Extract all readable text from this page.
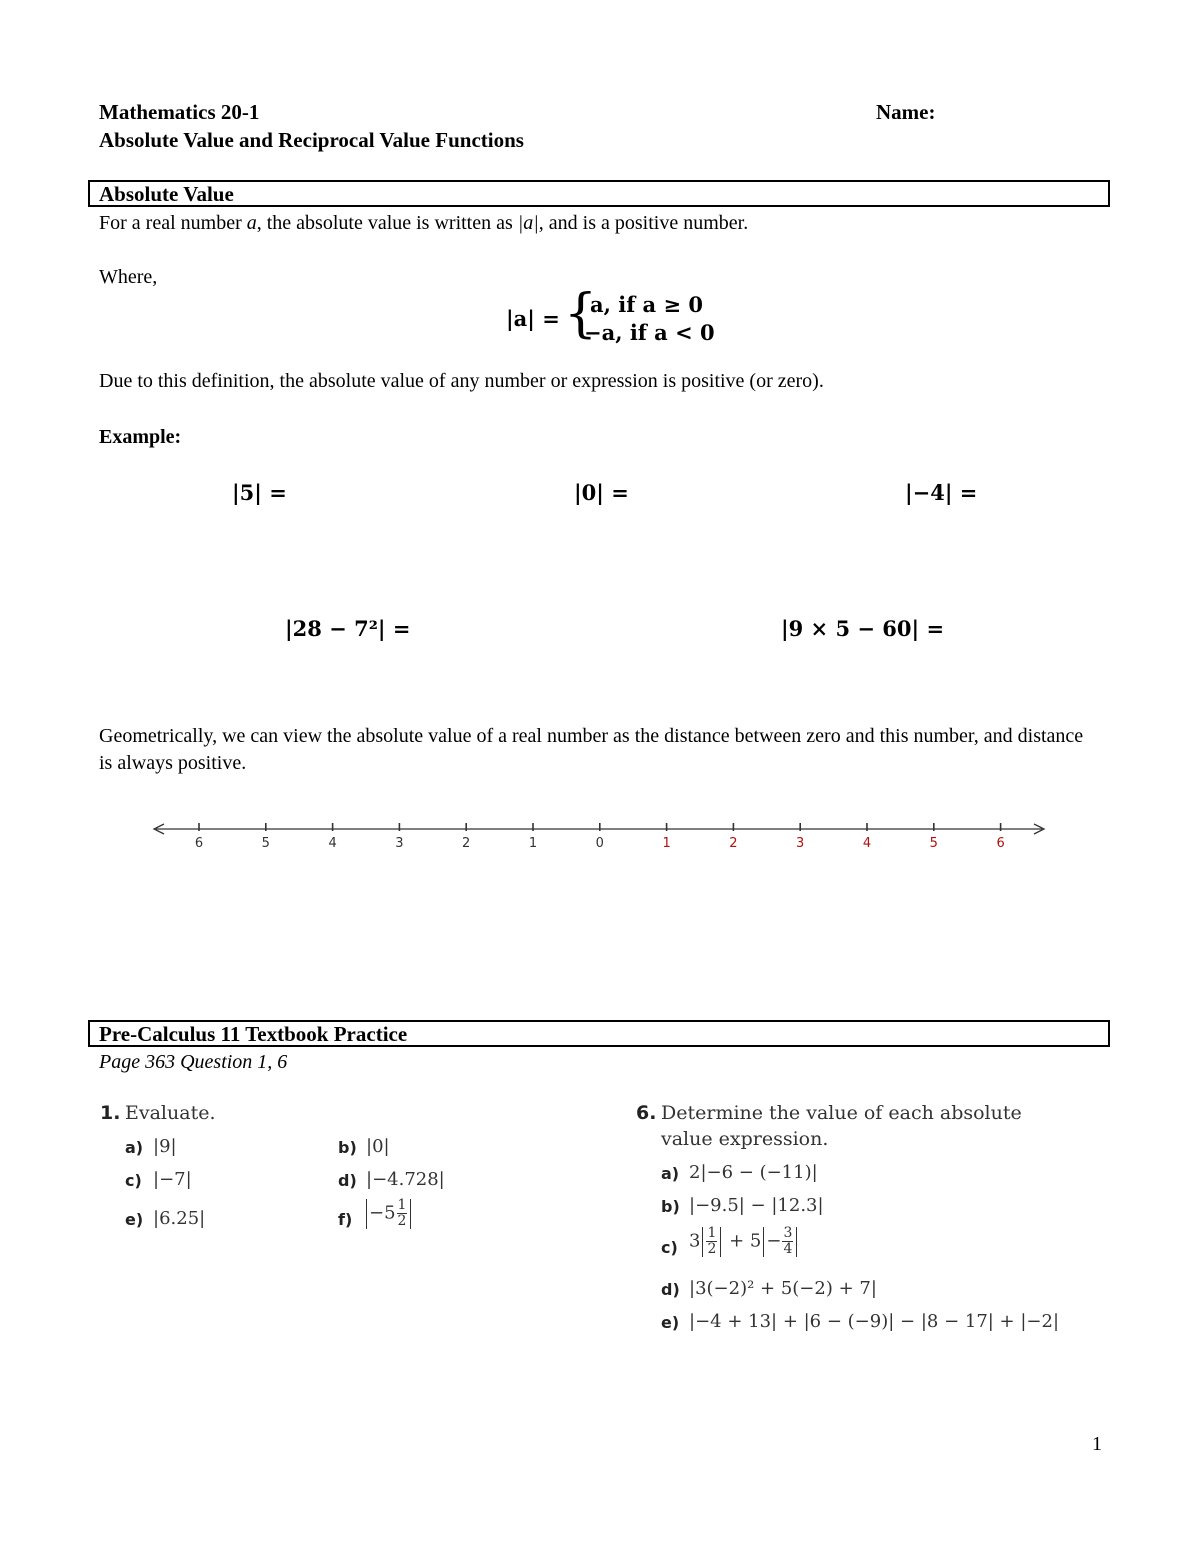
Mathematics 20-1	Name:
Absolute Value and Reciprocal Value Functions
Absolute Value
For a real number a, the absolute value is written as |a|, and is a positive number.
Where,
|a| = {
a, if a ≥ 0
−a, if a < 0
Due to this definition, the absolute value of any number or expression is positive (or zero).
Example:
|5| =	|0| =	|−4| =
|28 − 7²| =	|9 × 5 − 60| =
Geometrically, we can view the absolute value of a real number as the distance between zero and this number, and distance is always positive.
6	5	4	3	2	1	0	1	2	3	4	5	6
Pre-Calculus 11 Textbook Practice
Page 363 Question 1, 6
1. Evaluate.
a) |9|	b) |0|
c) |−7|	d) |−4.728|
e) |6.25|	$f) -5 \frac{1}{2}$
6. Determine the value of each absolute
value expression.
a) 2|−6 − (−11)|
b) |−9.5| − |12.3|
c) $3 \frac{1}{2} + 5 - \frac{3}{4}$
d) |3(−2)² + 5(−2) + 7|
e) |−4 + 13| + |6 − (−9)| − |8 − 17| + |−2|
1
